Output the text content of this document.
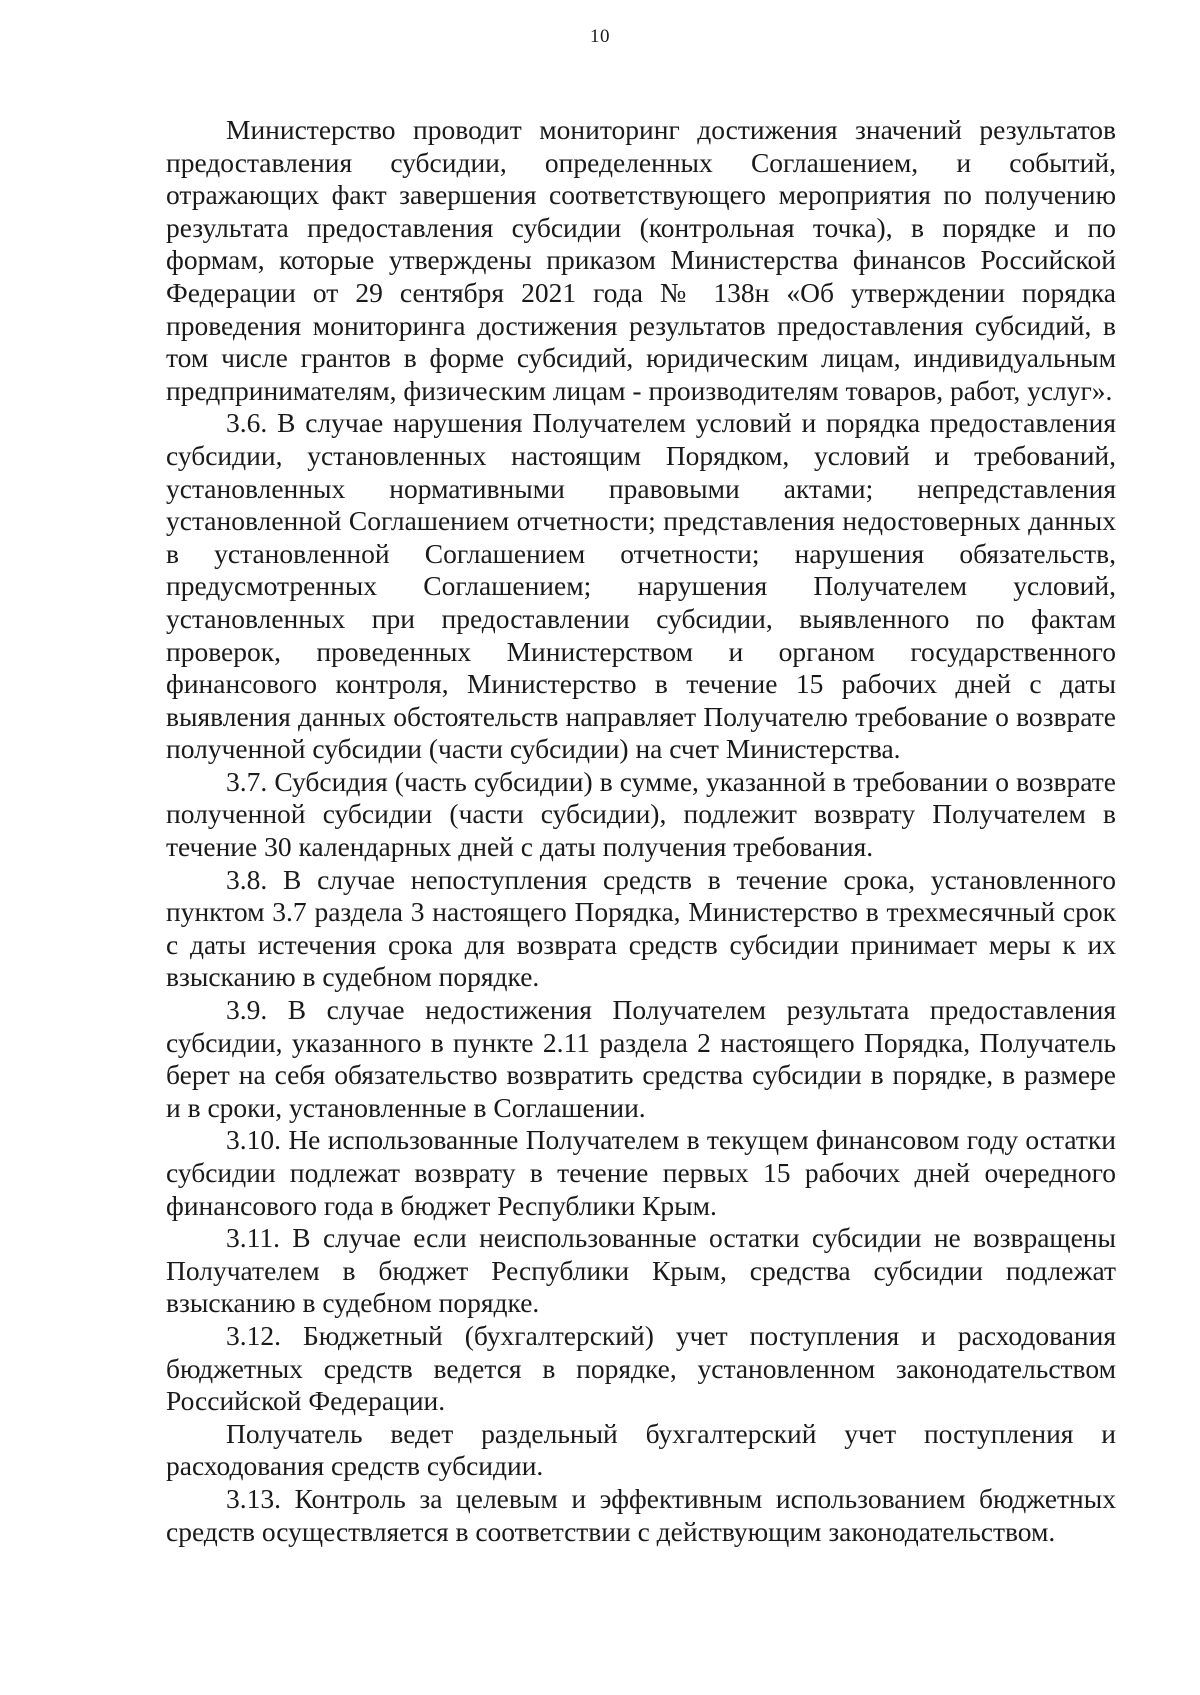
10

Министерство проводит мониторинг достижения значений результатов предоставления субсидии, определенных Соглашением, и событий, отражающих факт завершения соответствующего мероприятия по получению результата предоставления субсидии (контрольная точка), в порядке и по формам, которые утверждены приказом Министерства финансов Российской Федерации от 29 сентября 2021 года № 138н «Об утверждении порядка проведения мониторинга достижения результатов предоставления субсидий, в том числе грантов в форме субсидий, юридическим лицам, индивидуальным предпринимателям, физическим лицам - производителям товаров, работ, услуг».

3.6. В случае нарушения Получателем условий и порядка предоставления субсидии, установленных настоящим Порядком, условий и требований, установленных нормативными правовыми актами; непредставления установленной Соглашением отчетности; представления недостоверных данных в установленной Соглашением отчетности; нарушения обязательств, предусмотренных Соглашением; нарушения Получателем условий, установленных при предоставлении субсидии, выявленного по фактам проверок, проведенных Министерством и органом государственного финансового контроля, Министерство в течение 15 рабочих дней с даты выявления данных обстоятельств направляет Получателю требование о возврате полученной субсидии (части субсидии) на счет Министерства.

3.7. Субсидия (часть субсидии) в сумме, указанной в требовании о возврате полученной субсидии (части субсидии), подлежит возврату Получателем в течение 30 календарных дней с даты получения требования.

3.8. В случае непоступления средств в течение срока, установленного пунктом 3.7 раздела 3 настоящего Порядка, Министерство в трехмесячный срок с даты истечения срока для возврата средств субсидии принимает меры к их взысканию в судебном порядке.

3.9. В случае недостижения Получателем результата предоставления субсидии, указанного в пункте 2.11 раздела 2 настоящего Порядка, Получатель берет на себя обязательство возвратить средства субсидии в порядке, в размере и в сроки, установленные в Соглашении.

3.10. Не использованные Получателем в текущем финансовом году остатки субсидии подлежат возврату в течение первых 15 рабочих дней очередного финансового года в бюджет Республики Крым.

3.11. В случае если неиспользованные остатки субсидии не возвращены Получателем в бюджет Республики Крым, средства субсидии подлежат взысканию в судебном порядке.

3.12. Бюджетный (бухгалтерский) учет поступления и расходования бюджетных средств ведется в порядке, установленном законодательством Российской Федерации.

Получатель ведет раздельный бухгалтерский учет поступления и расходования средств субсидии.

3.13. Контроль за целевым и эффективным использованием бюджетных средств осуществляется в соответствии с действующим законодательством.
